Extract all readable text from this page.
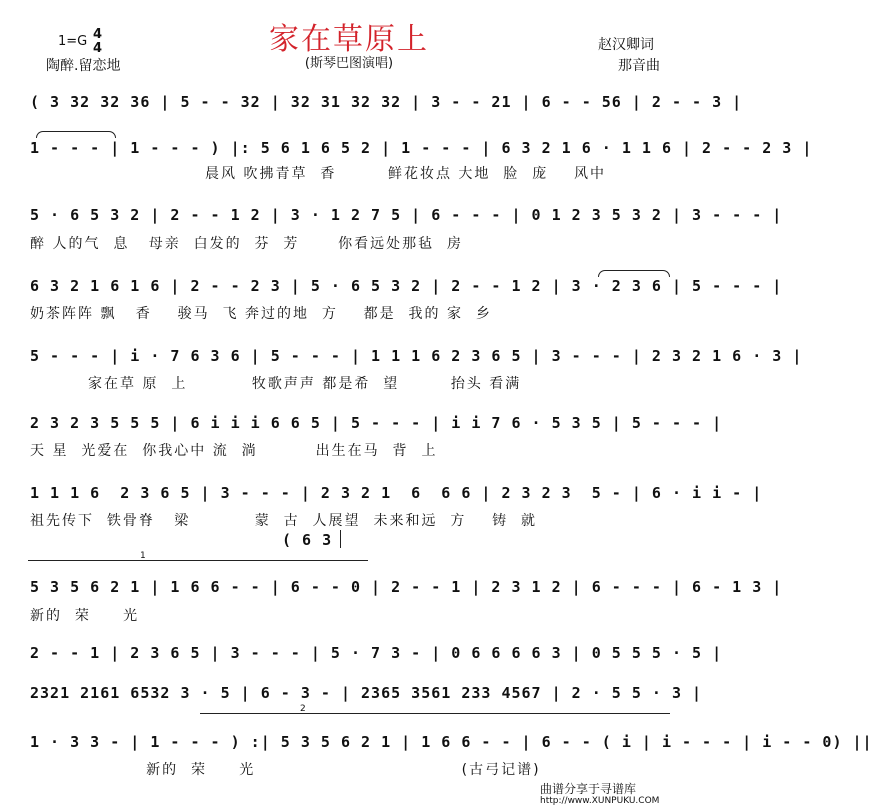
1=G 4
4	家在草原上
陶醉.留恋地	(斯琴巴图演唱)
赵汉卿词
那音曲
( 3 32 32 36 | 5 - - 32 | 32 31 32 32 | 3 - - 21 | 6 - - 56 | 2 - - 3 |
1 - - - | 1 - - - ) |: 5 6 1 6 5 2 | 1 - - - | 6 3 2 1 6 · 1 1 6 | 2 - - 2 3 |
晨风 吹拂青草  香        鲜花妆点 大地  脸  庞    风中
5 · 6 5 3 2 | 2 - - 1 2 | 3 · 1 2 7 5 | 6 - - - | 0 1 2 3 5 3 2 | 3 - - - |
醉 人的气  息   母亲  白发的  芬  芳      你看远处那毡  房
6 3 2 1 6 1 6 | 2 - - 2 3 | 5 · 6 5 3 2 | 2 - - 1 2 | 3 · 2 3 6 | 5 - - - |
奶茶阵阵 飘   香    骏马  飞 奔过的地  方    都是  我的 家  乡
5 - - - | i · 7 6 3 6 | 5 - - - | 1 1 1 6 2 3 6 5 | 3 - - - | 2 3 2 1 6 · 3 |
家在草 原  上          牧歌声声 都是希  望        抬头 看满
2 3 2 3 5 5 5 | 6 i i i 6 6 5 | 5 - - - | i i 7 6 · 5 3 5 | 5 - - - |
天 星  光爱在  你我心中 流  淌         出生在马  背  上
1 1 1 6  2 3 6 5 | 3 - - - | 2 3 2 1  6  6 6 | 2 3 2 3  5 - | 6 · i i - |
祖先传下  铁骨脊   梁          蒙  古  人展望  未来和远  方    铸  就
( 6 3
1
5 3 5 6 2 1 | 1 6 6 - - | 6 - - 0 | 2 - - 1 | 2 3 1 2 | 6 - - - | 6 - 1 3 |
新的  荣     光
2 - - 1 | 2 3 6 5 | 3 - - - | 5 · 7 3 - | 0 6 6 6 6 3 | 0 5 5 5 · 5 |
2321 2161 6532 3 · 5 | 6 - 3 - | 2365 3561 233 4567 | 2 · 5 5 · 3 |
2
1 · 3 3 - | 1 - - - ) :| 5 3 5 6 2 1 | 1 6 6 - - | 6 - - ( i | i - - - | i - - 0) ||
新的  荣     光                                (古弓记谱)
曲谱分享于寻谱库
http://www.XUNPUKU.COM
